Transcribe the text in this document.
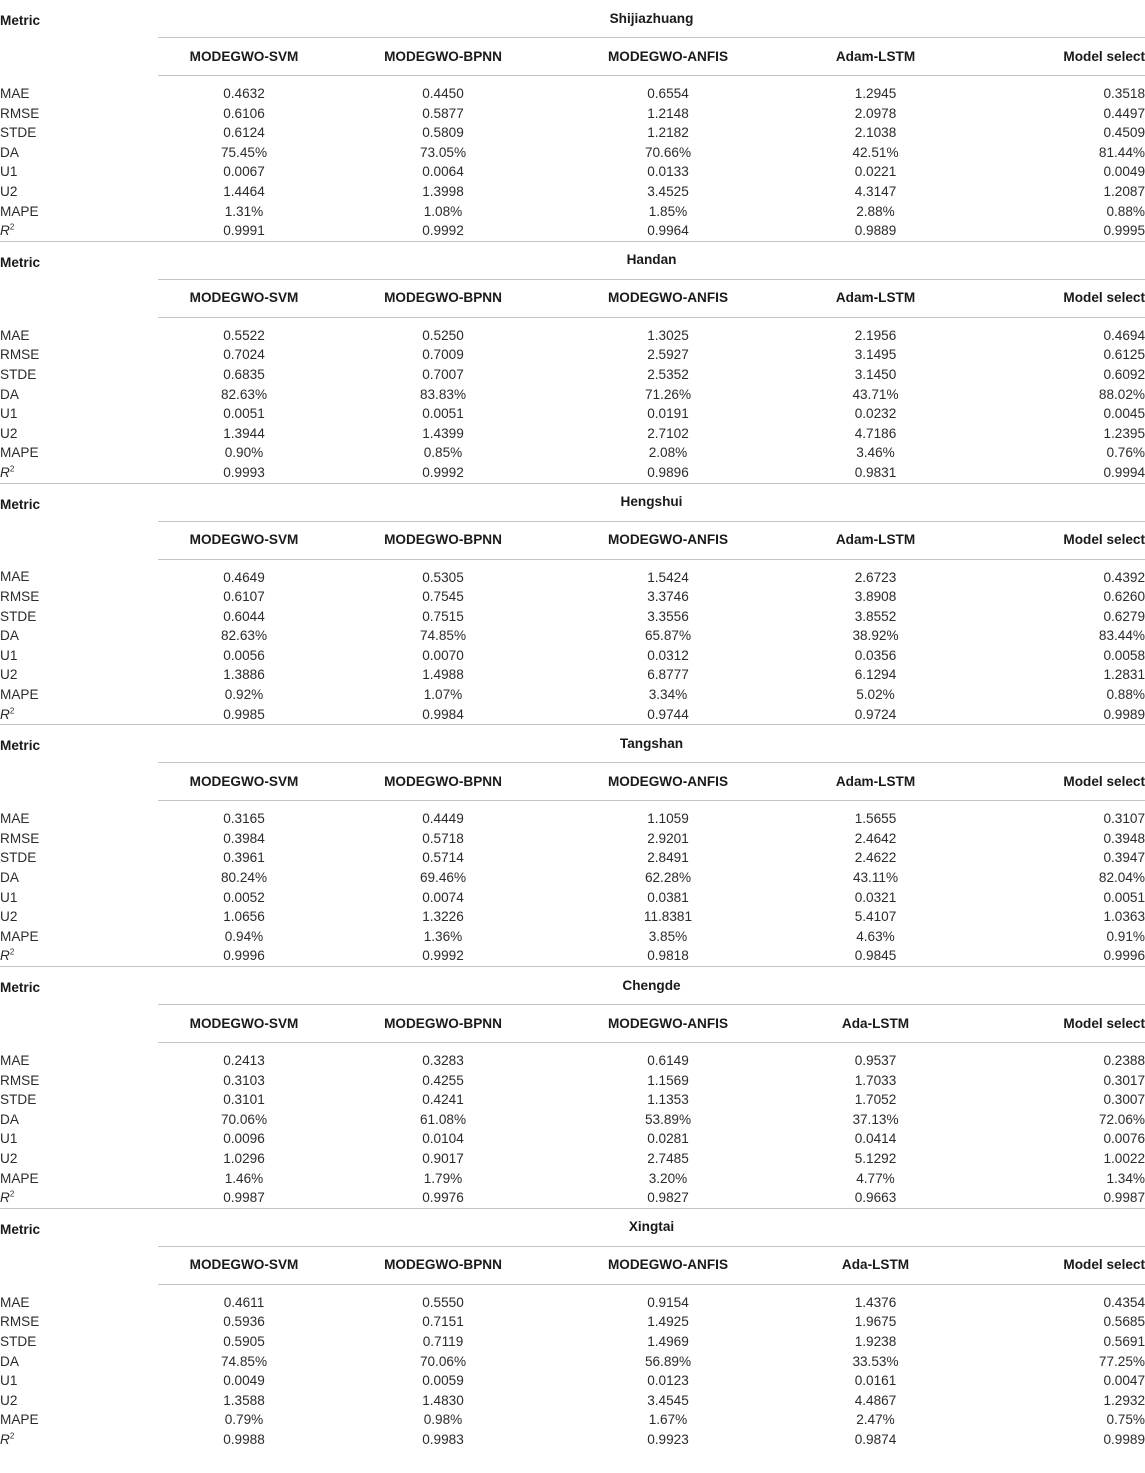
Metric	Shijiazhuang				
	MODEGWO-SVM	MODEGWO-BPNN	MODEGWO-ANFIS	Adam-LSTM	Model select
MAE	0.4632	0.4450	0.6554	1.2945	0.3518
RMSE	0.6106	0.5877	1.2148	2.0978	0.4497
STDE	0.6124	0.5809	1.2182	2.1038	0.4509
DA	75.45%	73.05%	70.66%	42.51%	81.44%
U1	0.0067	0.0064	0.0133	0.0221	0.0049
U2	1.4464	1.3998	3.4525	4.3147	1.2087
MAPE	1.31%	1.08%	1.85%	2.88%	0.88%
$R^2$	0.9991	0.9992	0.9964	0.9889	0.9995
Metric	Handan				
	MODEGWO-SVM	MODEGWO-BPNN	MODEGWO-ANFIS	Adam-LSTM	Model select
MAE	0.5522	0.5250	1.3025	2.1956	0.4694
RMSE	0.7024	0.7009	2.5927	3.1495	0.6125
STDE	0.6835	0.7007	2.5352	3.1450	0.6092
DA	82.63%	83.83%	71.26%	43.71%	88.02%
U1	0.0051	0.0051	0.0191	0.0232	0.0045
U2	1.3944	1.4399	2.7102	4.7186	1.2395
MAPE	0.90%	0.85%	2.08%	3.46%	0.76%
$R^2$	0.9993	0.9992	0.9896	0.9831	0.9994
Metric	Hengshui				
	MODEGWO-SVM	MODEGWO-BPNN	MODEGWO-ANFIS	Adam-LSTM	Model select
MAE	0.4649	0.5305	1.5424	2.6723	0.4392
RMSE	0.6107	0.7545	3.3746	3.8908	0.6260
STDE	0.6044	0.7515	3.3556	3.8552	0.6279
DA	82.63%	74.85%	65.87%	38.92%	83.44%
U1	0.0056	0.0070	0.0312	0.0356	0.0058
U2	1.3886	1.4988	6.8777	6.1294	1.2831
MAPE	0.92%	1.07%	3.34%	5.02%	0.88%
$R^2$	0.9985	0.9984	0.9744	0.9724	0.9989
Metric	Tangshan				
	MODEGWO-SVM	MODEGWO-BPNN	MODEGWO-ANFIS	Adam-LSTM	Model select
MAE	0.3165	0.4449	1.1059	1.5655	0.3107
RMSE	0.3984	0.5718	2.9201	2.4642	0.3948
STDE	0.3961	0.5714	2.8491	2.4622	0.3947
DA	80.24%	69.46%	62.28%	43.11%	82.04%
U1	0.0052	0.0074	0.0381	0.0321	0.0051
U2	1.0656	1.3226	11.8381	5.4107	1.0363
MAPE	0.94%	1.36%	3.85%	4.63%	0.91%
$R^2$	0.9996	0.9992	0.9818	0.9845	0.9996
Metric	Chengde				
	MODEGWO-SVM	MODEGWO-BPNN	MODEGWO-ANFIS	Ada-LSTM	Model select
MAE	0.2413	0.3283	0.6149	0.9537	0.2388
RMSE	0.3103	0.4255	1.1569	1.7033	0.3017
STDE	0.3101	0.4241	1.1353	1.7052	0.3007
DA	70.06%	61.08%	53.89%	37.13%	72.06%
U1	0.0096	0.0104	0.0281	0.0414	0.0076
U2	1.0296	0.9017	2.7485	5.1292	1.0022
MAPE	1.46%	1.79%	3.20%	4.77%	1.34%
$R^2$	0.9987	0.9976	0.9827	0.9663	0.9987
Metric	Xingtai				
	MODEGWO-SVM	MODEGWO-BPNN	MODEGWO-ANFIS	Ada-LSTM	Model select
MAE	0.4611	0.5550	0.9154	1.4376	0.4354
RMSE	0.5936	0.7151	1.4925	1.9675	0.5685
STDE	0.5905	0.7119	1.4969	1.9238	0.5691
DA	74.85%	70.06%	56.89%	33.53%	77.25%
U1	0.0049	0.0059	0.0123	0.0161	0.0047
U2	1.3588	1.4830	3.4545	4.4867	1.2932
MAPE	0.79%	0.98%	1.67%	2.47%	0.75%
$R^2$	0.9988	0.9983	0.9923	0.9874	0.9989
